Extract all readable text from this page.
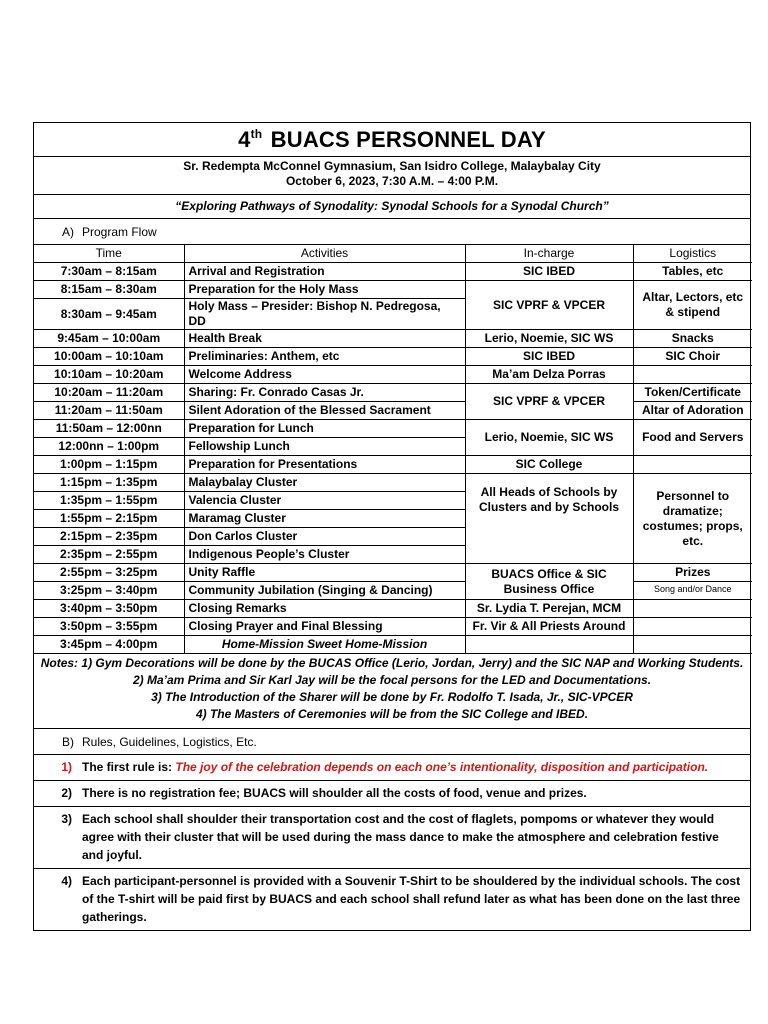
4th
BUACS PERSONNEL DAY
Sr. Redempta McConnel Gymnasium, San Isidro College, Malaybalay City
October 6, 2023, 7:30 A.M. – 4:00 P.M.
“Exploring Pathways of Synodality: Synodal Schools for a Synodal Church”
A) Program Flow
Time	Activities	In-charge	Logistics
7:30am – 8:15am	Arrival and Registration	SIC IBED	Tables, etc
8:15am – 8:30am	Preparation for the Holy Mass	SIC VPRF & VPCER	Altar, Lectors, etc & stipend
8:30am – 9:45am	Holy Mass – Presider: Bishop N. Pedregosa, DD		
9:45am – 10:00am	Health Break	Lerio, Noemie, SIC WS	Snacks
10:00am – 10:10am	Preliminaries: Anthem, etc	SIC IBED	SIC Choir
10:10am – 10:20am	Welcome Address	Ma’am Delza Porras	
10:20am – 11:20am	Sharing: Fr. Conrado Casas Jr.	SIC VPRF & VPCER	Token/Certificate
11:20am – 11:50am	Silent Adoration of the Blessed Sacrament		Altar of Adoration
11:50am – 12:00nn	Preparation for Lunch	Lerio, Noemie, SIC WS	Food and Servers
12:00nn – 1:00pm	Fellowship Lunch		
1:00pm – 1:15pm	Preparation for Presentations	SIC College	
1:15pm – 1:35pm	Malaybalay Cluster	All Heads of Schools by Clusters and by Schools	Personnel to dramatize; costumes; props, etc.
1:35pm – 1:55pm	Valencia Cluster		
1:55pm – 2:15pm	Maramag Cluster		
2:15pm – 2:35pm	Don Carlos Cluster		
2:35pm – 2:55pm	Indigenous People’s Cluster		
2:55pm – 3:25pm	Unity Raffle	BUACS Office & SIC Business Office	Prizes
3:25pm – 3:40pm	Community Jubilation (Singing & Dancing)		Song and/or Dance
3:40pm – 3:50pm	Closing Remarks	Sr. Lydia T. Perejan, MCM	
3:50pm – 3:55pm	Closing Prayer and Final Blessing	Fr. Vir & All Priests Around	
3:45pm – 4:00pm	Home-Mission Sweet Home-Mission		
Notes: 1) Gym Decorations will be done by the BUCAS Office (Lerio, Jordan, Jerry) and the SIC NAP and Working Students.
2) Ma’am Prima and Sir Karl Jay will be the focal persons for the LED and Documentations.
3) The Introduction of the Sharer will be done by Fr. Rodolfo T. Isada, Jr., SIC-VPCER
4) The Masters of Ceremonies will be from the SIC College and IBED.
B) Rules, Guidelines, Logistics, Etc.
1) The first rule is: The joy of the celebration depends on each one’s intentionality, disposition and participation.
2) There is no registration fee; BUACS will shoulder all the costs of food, venue and prizes.
3) Each school shall shoulder their transportation cost and the cost of flaglets, pompoms or whatever they would agree with their cluster that will be used during the mass dance to make the atmosphere and celebration festive and joyful.
4) Each participant-personnel is provided with a Souvenir T-Shirt to be shouldered by the individual schools. The cost of the T-shirt will be paid first by BUACS and each school shall refund later as what has been done on the last three gatherings.
